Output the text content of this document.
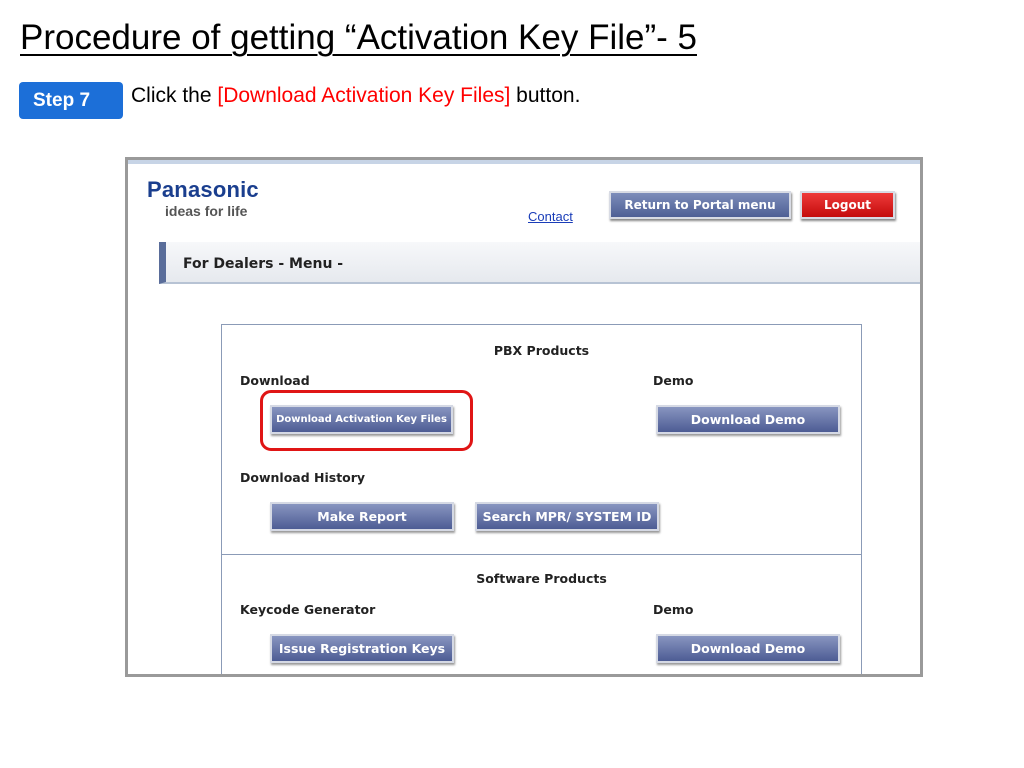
Procedure of getting “Activation Key File”- 5
Step 7	Click the [Download Activation Key Files] button.
Panasonic
ideas for life	Contact
Return to Portal menu	Logout
For Dealers - Menu -
PBX Products
Download	Demo
Download Activation Key Files	Download Demo
Download History
Make Report	Search MPR/ SYSTEM ID
Software Products
Keycode Generator	Demo
Issue Registration Keys	Download Demo
